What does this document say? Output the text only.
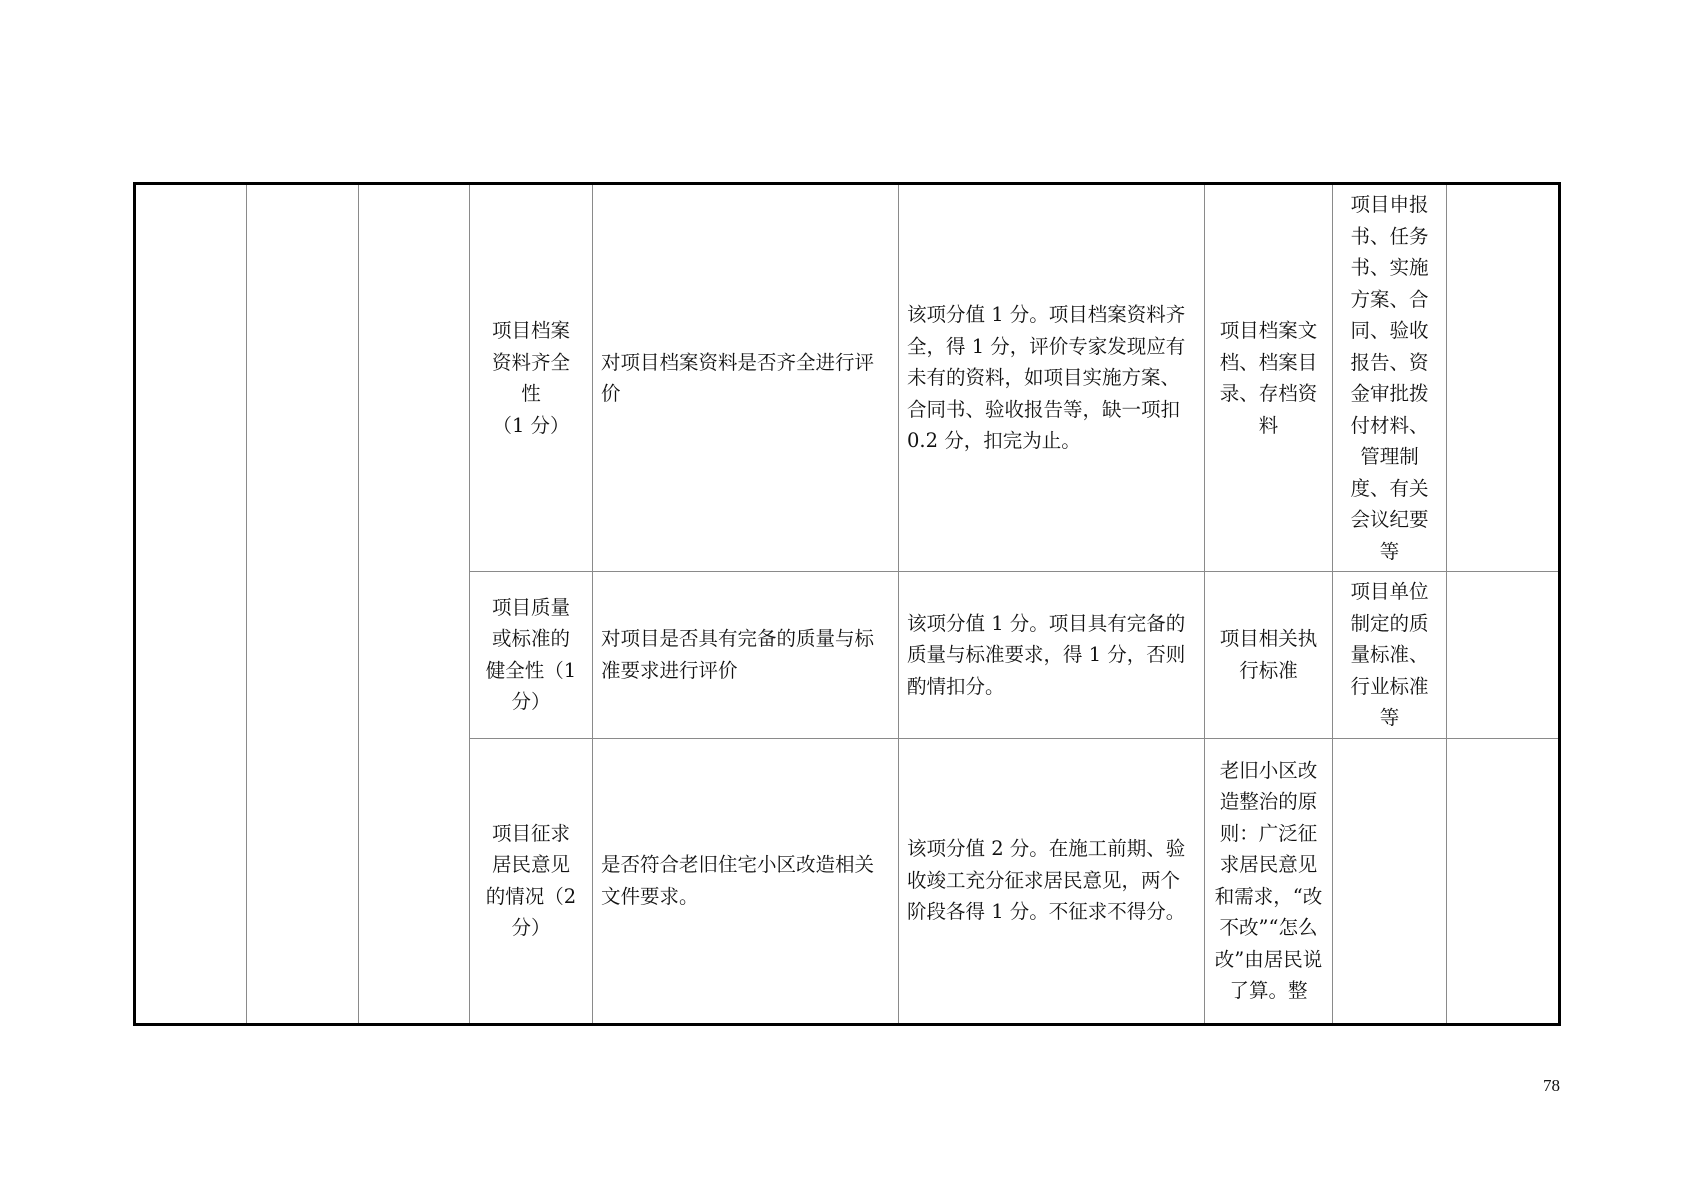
			项目档案
资料齐全
性
（1 分）	对项目档案资料是否齐全进行评价	该项分值 1 分。项目档案资料齐全，得 1 分，评价专家发现应有未有的资料，如项目实施方案、合同书、验收报告等，缺一项扣 0.2 分，扣完为止。	项目档案文档、档案目录、存档资料	项目申报书、任务书、实施方案、合同、验收报告、资金审批拨付材料、管理制度、有关会议纪要等	

			项目质量
或标准的
健全性（1
分）	对项目是否具有完备的质量与标准要求进行评价	该项分值 1 分。项目具有完备的质量与标准要求，得 1 分，否则酌情扣分。	项目相关执行标准	项目单位制定的质量标准、行业标准等	

			项目征求
居民意见
的情况（2
分）	是否符合老旧住宅小区改造相关文件要求。	该项分值 2 分。在施工前期、验收竣工充分征求居民意见，两个阶段各得 1 分。不征求不得分。	老旧小区改造整治的原则：广泛征求居民意见和需求，“改不改”“怎么改”由居民说了算。整		
78
